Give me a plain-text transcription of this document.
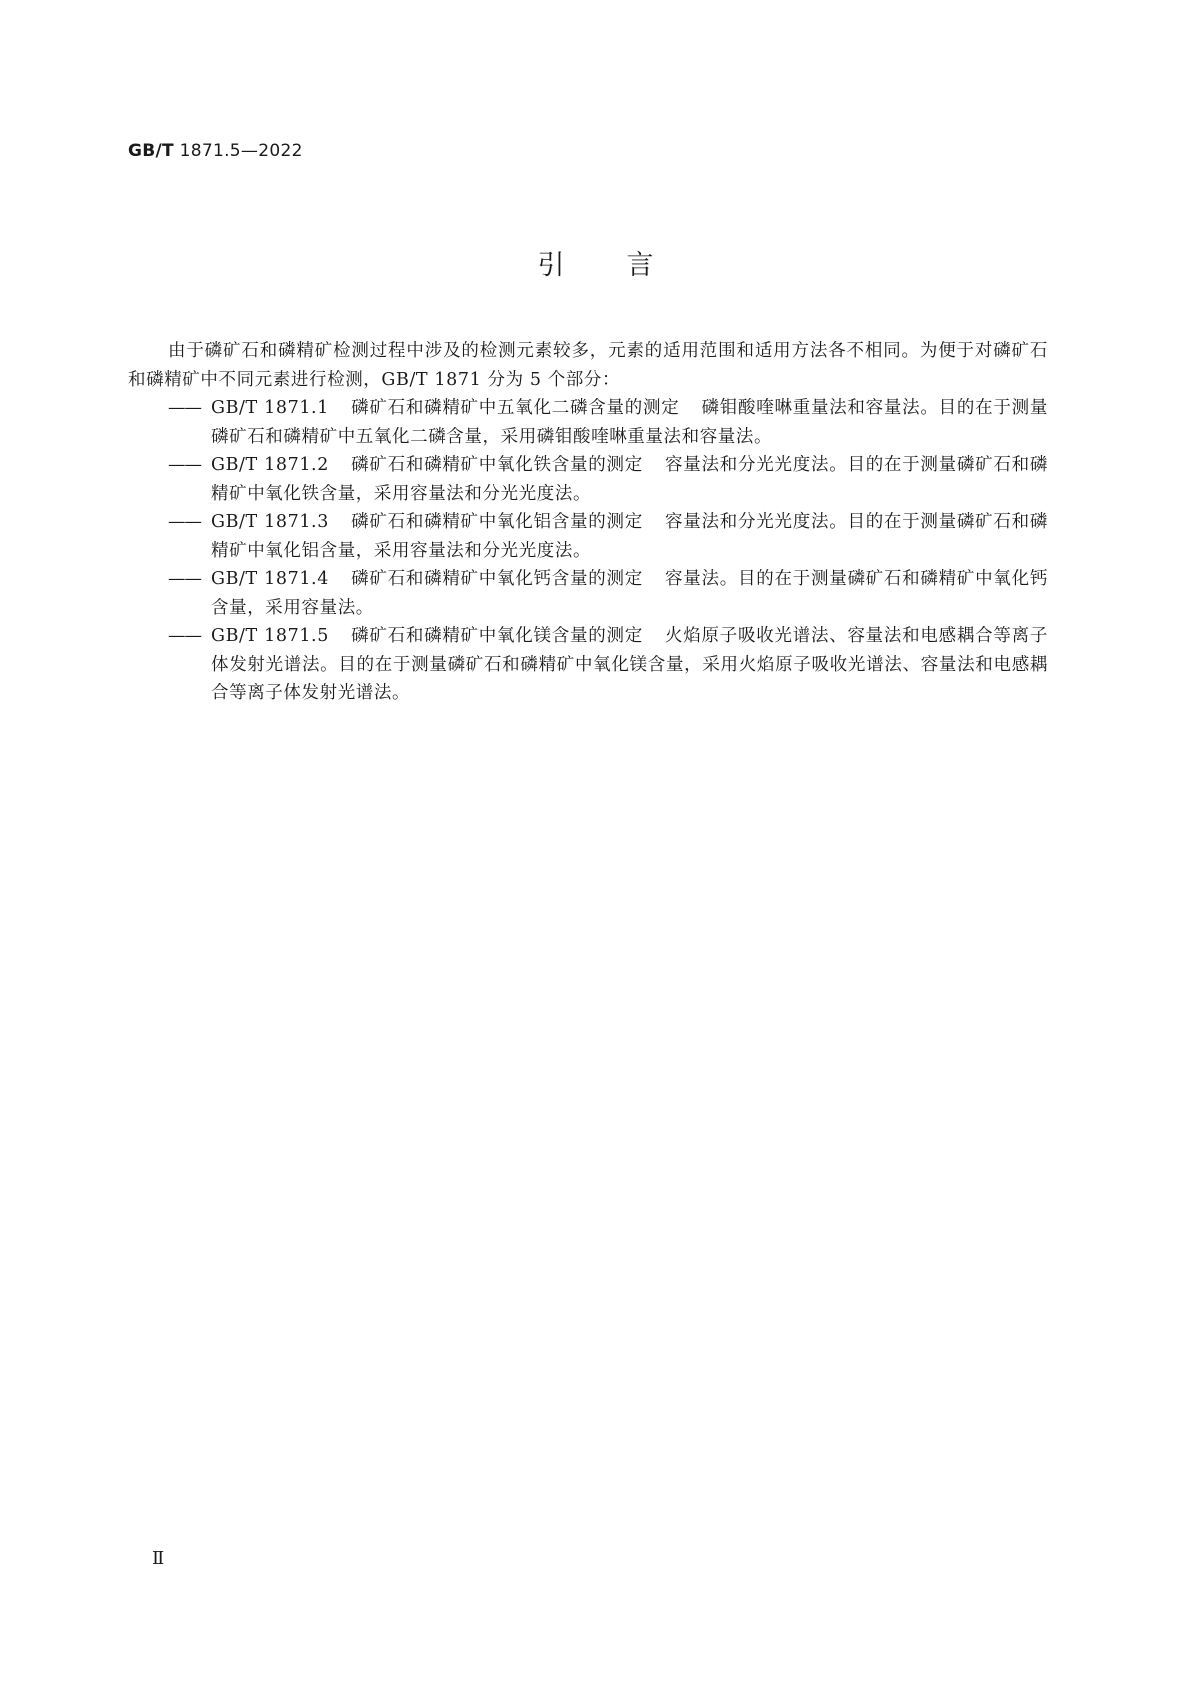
GB/T 1871.5—2022
引言

由于磷矿石和磷精矿检测过程中涉及的检测元素较多，元素的适用范围和适用方法各不相同。为便于对磷矿石和磷精矿中不同元素进行检测，GB/T 1871 分为 5 个部分：

—— GB/T 1871.1 磷矿石和磷精矿中五氧化二磷含量的测定 磷钼酸喹啉重量法和容量法。目的在于测量磷矿石和磷精矿中五氧化二磷含量，采用磷钼酸喹啉重量法和容量法。
—— GB/T 1871.2 磷矿石和磷精矿中氧化铁含量的测定 容量法和分光光度法。目的在于测量磷矿石和磷精矿中氧化铁含量，采用容量法和分光光度法。
—— GB/T 1871.3 磷矿石和磷精矿中氧化铝含量的测定 容量法和分光光度法。目的在于测量磷矿石和磷精矿中氧化铝含量，采用容量法和分光光度法。
—— GB/T 1871.4 磷矿石和磷精矿中氧化钙含量的测定 容量法。目的在于测量磷矿石和磷精矿中氧化钙含量，采用容量法。
—— GB/T 1871.5 磷矿石和磷精矿中氧化镁含量的测定 火焰原子吸收光谱法、容量法和电感耦合等离子体发射光谱法。目的在于测量磷矿石和磷精矿中氧化镁含量，采用火焰原子吸收光谱法、容量法和电感耦合等离子体发射光谱法。
Ⅱ
